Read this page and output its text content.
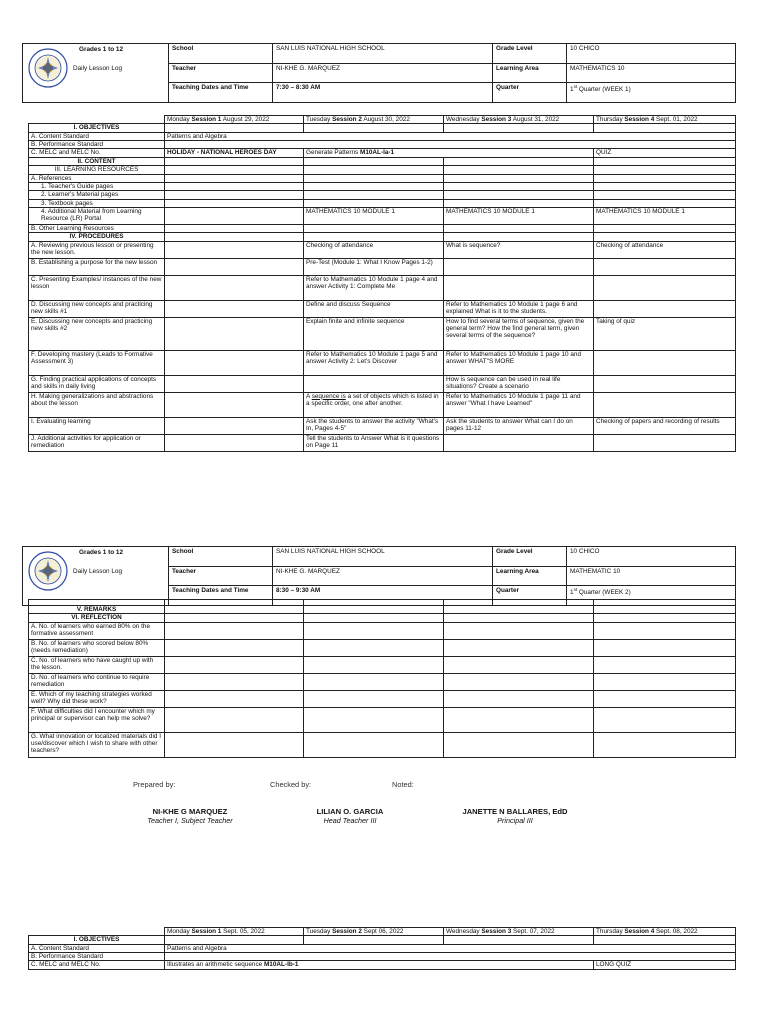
Grades 1 to 12
Daily Lesson Log	School	SAN LUIS NATIONAL HIGH SCHOOL	Grade Level	10 CHICO
	Teacher	NI-KHE G. MARQUEZ	Learning Area	MATHEMATICS 10
	Teaching Dates and Time	7:30 – 8:30 AM	Quarter	1st Quarter (WEEK 1)
	Monday Session 1 August 29, 2022	Tuesday Session 2 August 30, 2022	Wednesday Session 3 August 31, 2022	Thursday Session 4 Sept. 01, 2022
I. OBJECTIVES				
A. Content Standard	Patterns and Algebra			
B. Performance Standard				
C. MELC and MELC No.	HOLIDAY - NATIONAL HEROES DAY	Generate Patterns M10AL-Ia-1		QUIZ
II. CONTENT				
III. LEARNING RESOURCES				
A. References				
1. Teacher's Guide pages				
2. Learner's Material pages				
3. Textbook pages				
4. Additional Material from Learning Resource (LR) Portal		MATHEMATICS 10 MODULE 1	MATHEMATICS 10 MODULE 1	MATHEMATICS 10 MODULE 1
B. Other Learning Resources				
IV. PROCEDURES				
A. Reviewing previous lesson or presenting the new lesson.		Checking of attendance	What is sequence?	Checking of attendance
B. Establishing a purpose for the new lesson		Pre-Test (Module 1: What I Know Pages 1-2)		
C. Presenting Examples/ instances of the new lesson		Refer to Mathematics 10 Module 1 page 4 and answer Activity 1: Complete Me		
D. Discussing new concepts and practicing new skills #1		Define and discuss Sequence	Refer to Mathematics 10 Module 1 page 6 and explained What is it to the students.	
E. Discussing new concepts and practicing new skills #2		Explain finite and infinite sequence	How to find several terms of sequence, given the general term? How the find general term, given several terms of the sequence?	Taking of quiz
F. Developing mastery (Leads to Formative Assessment 3)		Refer to Mathematics 10 Module 1 page 5 and answer Activity 2: Let's Discover	Refer to Mathematics 10 Module 1 page 10 and answer WHAT"S MORE	
G. Finding practical applications of concepts and skills in daily living			How is sequence can be used in real life situations? Create a scenario	
H. Making generalizations and abstractions about the lesson		A sequence is a set of objects which is listed in a specific order, one after another.	Refer to Mathematics 10 Module 1 page 11 and answer "What I have Learned"	
I. Evaluating learning		Ask the students to answer the activity "What's In, Pages 4-5"	Ask the students to answer What can I do on pages 11-12	Checking of papers and recording of results
J. Additional activities for application or remediation		Tell the students to Answer What is it questions on Page 11		
Grades 1 to 12
Daily Lesson Log	School	SAN LUIS NATIONAL HIGH SCHOOL	Grade Level	10 CHICO
	Teacher	NI-KHE G. MARQUEZ	Learning Area	MATHEMATIC 10
	Teaching Dates and Time	8:30 – 9:30 AM	Quarter	1st Quarter (WEEK 2)

V. REMARKS				
VI. REFLECTION				
A. No. of learners who earned 80% on the formative assessment				
B. No. of learners who scored below 80% (needs remediation)				
C. No. of learners who have caught up with the lesson.				
D. No. of learners who continue to require remediation				
E. Which of my teaching strategies worked well? Why did these work?				
F. What difficulties did I encounter which my principal or supervisor can help me solve?				
G. What innovation or localized materials did I use/discover which I wish to share with other teachers?				
Prepared by:	Checked by:	Noted:
NI-KHE G MARQUEZ
Teacher I, Subject Teacher
LILIAN O. GARCIA
Head Teacher III
JANETTE N BALLARES, EdD
Principal III
	Monday Session 1 Sept. 05, 2022	Tuesday Session 2 Sept 06, 2022	Wednesday Session 3 Sept. 07, 2022	Thursday Session 4 Sept. 08, 2022
I. OBJECTIVES				
A. Content Standard	Patterns and Algebra			
B. Performance Standard				
C. MELC and MELC No.	Illustrates an arithmetic sequence M10AL-Ib-1			LONG QUIZ
